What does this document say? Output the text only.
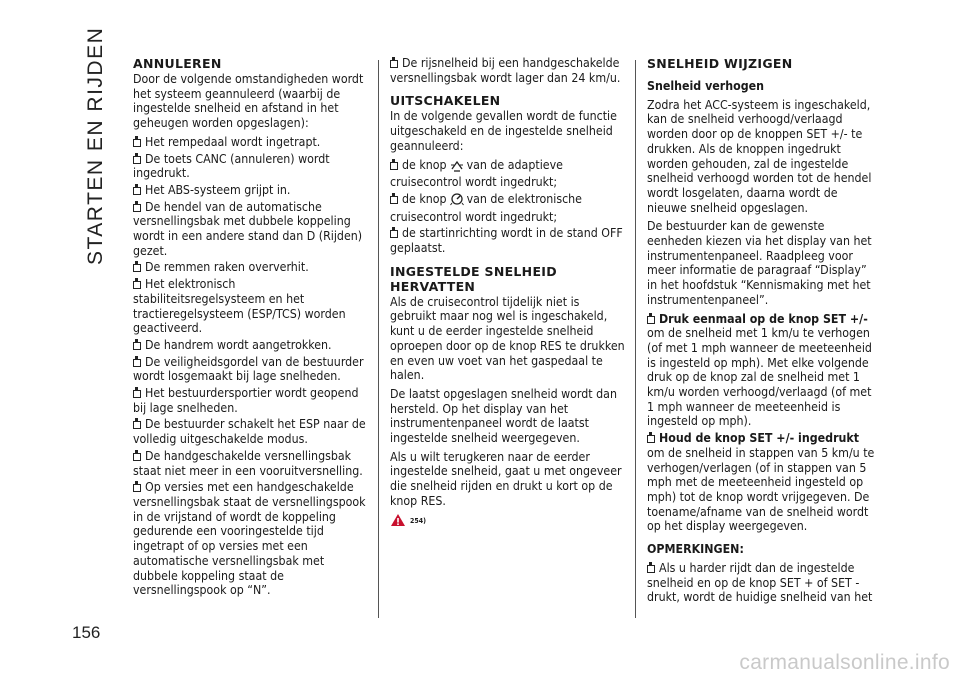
STARTEN EN RIJDEN
156
ANNULEREN

Door de volgende omstandigheden wordt het systeem geannuleerd (waarbij de ingestelde snelheid en afstand in het geheugen worden opgeslagen):

Het rempedaal wordt ingetrapt.
De toets CANC (annuleren) wordt ingedrukt.
Het ABS-systeem grijpt in.
De hendel van de automatische versnellingsbak met dubbele koppeling wordt in een andere stand dan D (Rijden) gezet.
De remmen raken oververhit.
Het elektronisch stabiliteitsregelsysteem en het tractieregelsysteem (ESP/TCS) worden geactiveerd.
De handrem wordt aangetrokken.
De veiligheidsgordel van de bestuurder wordt losgemaakt bij lage snelheden.
Het bestuurdersportier wordt geopend bij lage snelheden.
De bestuurder schakelt het ESP naar de volledig uitgeschakelde modus.
De handgeschakelde versnellingsbak staat niet meer in een vooruitversnelling.
Op versies met een handgeschakelde versnellingsbak staat de versnellingspook in de vrijstand of wordt de koppeling gedurende een vooringestelde tijd ingetrapt of op versies met een automatische versnellingsbak met dubbele koppeling staat de versnellingspook op “N”.
De rijsnelheid bij een handgeschakelde versnellingsbak wordt lager dan 24 km/u.
UITSCHAKELEN

In de volgende gevallen wordt de functie uitgeschakeld en de ingestelde snelheid geannuleerd:

de knop van de adaptieve cruisecontrol wordt ingedrukt;
de knop van de elektronische cruisecontrol wordt ingedrukt;
de startinrichting wordt in de stand OFF geplaatst.
INGESTELDE SNELHEID HERVATTEN

Als de cruisecontrol tijdelijk niet is gebruikt maar nog wel is ingeschakeld, kunt u de eerder ingestelde snelheid oproepen door op de knop RES te drukken en even uw voet van het gaspedaal te halen.

De laatst opgeslagen snelheid wordt dan hersteld. Op het display van het instrumentenpaneel wordt de laatst ingestelde snelheid weergegeven.

Als u wilt terugkeren naar de eerder ingestelde snelheid, gaat u met ongeveer die snelheid rijden en drukt u kort op de knop RES.

254)
SNELHEID WIJZIGEN
Snelheid verhogen

Zodra het ACC-systeem is ingeschakeld, kan de snelheid verhoogd/verlaagd worden door op de knoppen SET +/- te drukken. Als de knoppen ingedrukt worden gehouden, zal de ingestelde snelheid verhoogd worden tot de hendel wordt losgelaten, daarna wordt de nieuwe snelheid opgeslagen.

De bestuurder kan de gewenste eenheden kiezen via het display van het instrumentenpaneel. Raadpleeg voor meer informatie de paragraaf “Display” in het hoofdstuk “Kennismaking met het instrumentenpaneel”.

Druk eenmaal op de knop SET +/- om de snelheid met 1 km/u te verhogen (of met 1 mph wanneer de meeteenheid is ingesteld op mph). Met elke volgende druk op de knop zal de snelheid met 1 km/u worden verhoogd/verlaagd (of met 1 mph wanneer de meeteenheid is ingesteld op mph).
Houd de knop SET +/- ingedrukt om de snelheid in stappen van 5 km/u te verhogen/verlagen (of in stappen van 5 mph met de meeteenheid ingesteld op mph) tot de knop wordt vrijgegeven. De toename/afname van de snelheid wordt op het display weergegeven.
OPMERKINGEN:
Als u harder rijdt dan de ingestelde snelheid en op de knop SET + of SET - drukt, wordt de huidige snelheid van het
carmanualsonline.info
